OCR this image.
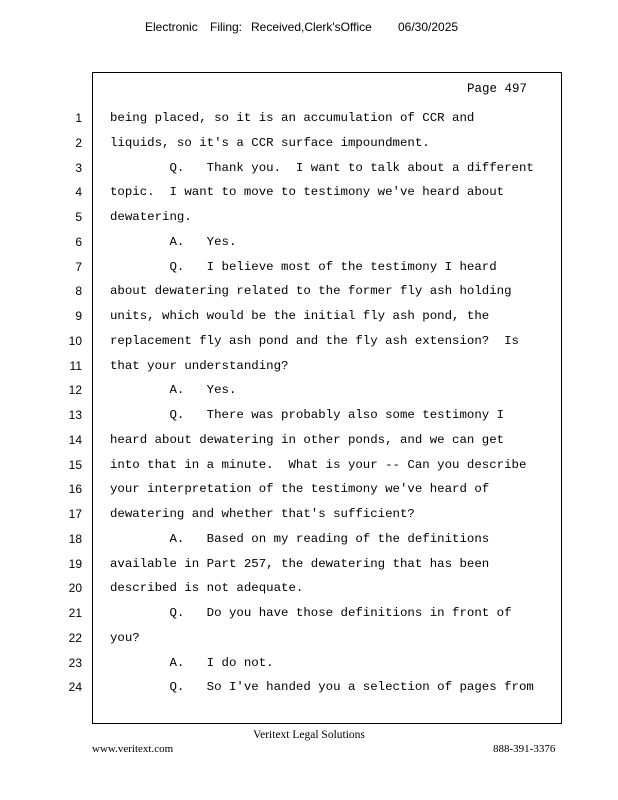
Electronic Filing: Received,Clerk'sOffice 06/30/2025
Page 497
1 being placed, so it is an accumulation of CCR and
2 liquids, so it's a CCR surface impoundment.
3 Q.   Thank you.  I want to talk about a different
4 topic.  I want to move to testimony we've heard about
5 dewatering.
6 A.   Yes.
7 Q.   I believe most of the testimony I heard
8 about dewatering related to the former fly ash holding
9 units, which would be the initial fly ash pond, the
10 replacement fly ash pond and the fly ash extension?  Is
11 that your understanding?
12 A.   Yes.
13 Q.   There was probably also some testimony I
14 heard about dewatering in other ponds, and we can get
15 into that in a minute.  What is your -- Can you describe
16 your interpretation of the testimony we've heard of
17 dewatering and whether that's sufficient?
18 A.   Based on my reading of the definitions
19 available in Part 257, the dewatering that has been
20 described is not adequate.
21 Q.   Do you have those definitions in front of
22 you?
23 A.   I do not.
24 Q.   So I've handed you a selection of pages from
Veritext Legal Solutions
www.veritext.com	888-391-3376
